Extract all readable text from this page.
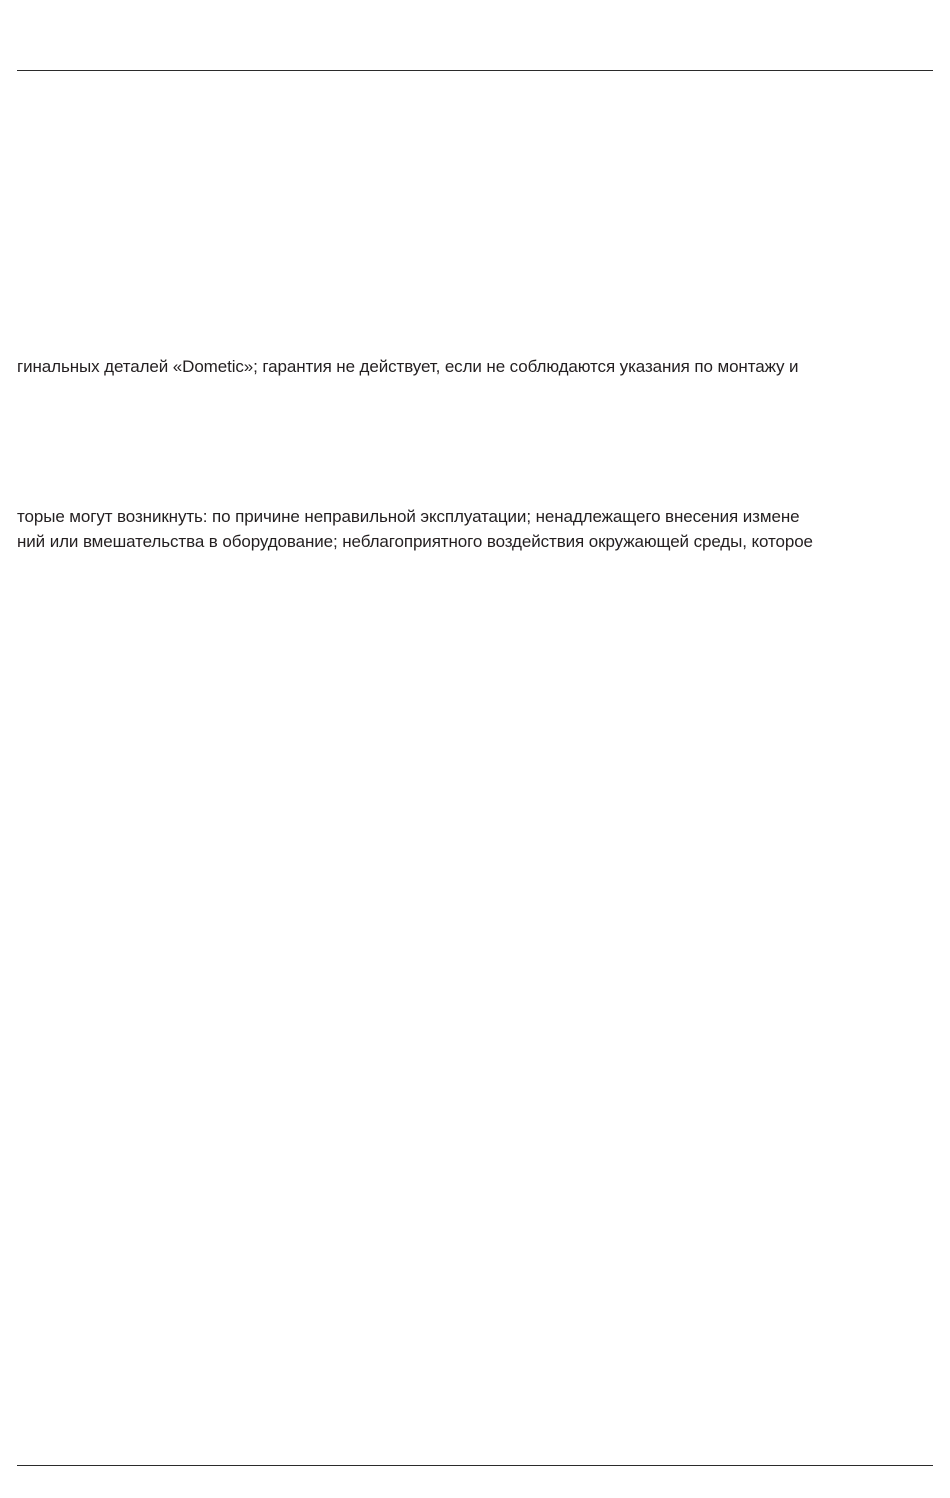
гинальных деталей «Dometic»; гарантия не действует, если не соблюдаются указания по монтажу и
торые могут возникнуть: по причине неправильной эксплуатации; ненадлежащего внесения измене
ний или вмешательства в оборудование; неблагоприятного воздействия окружающей среды, которое
